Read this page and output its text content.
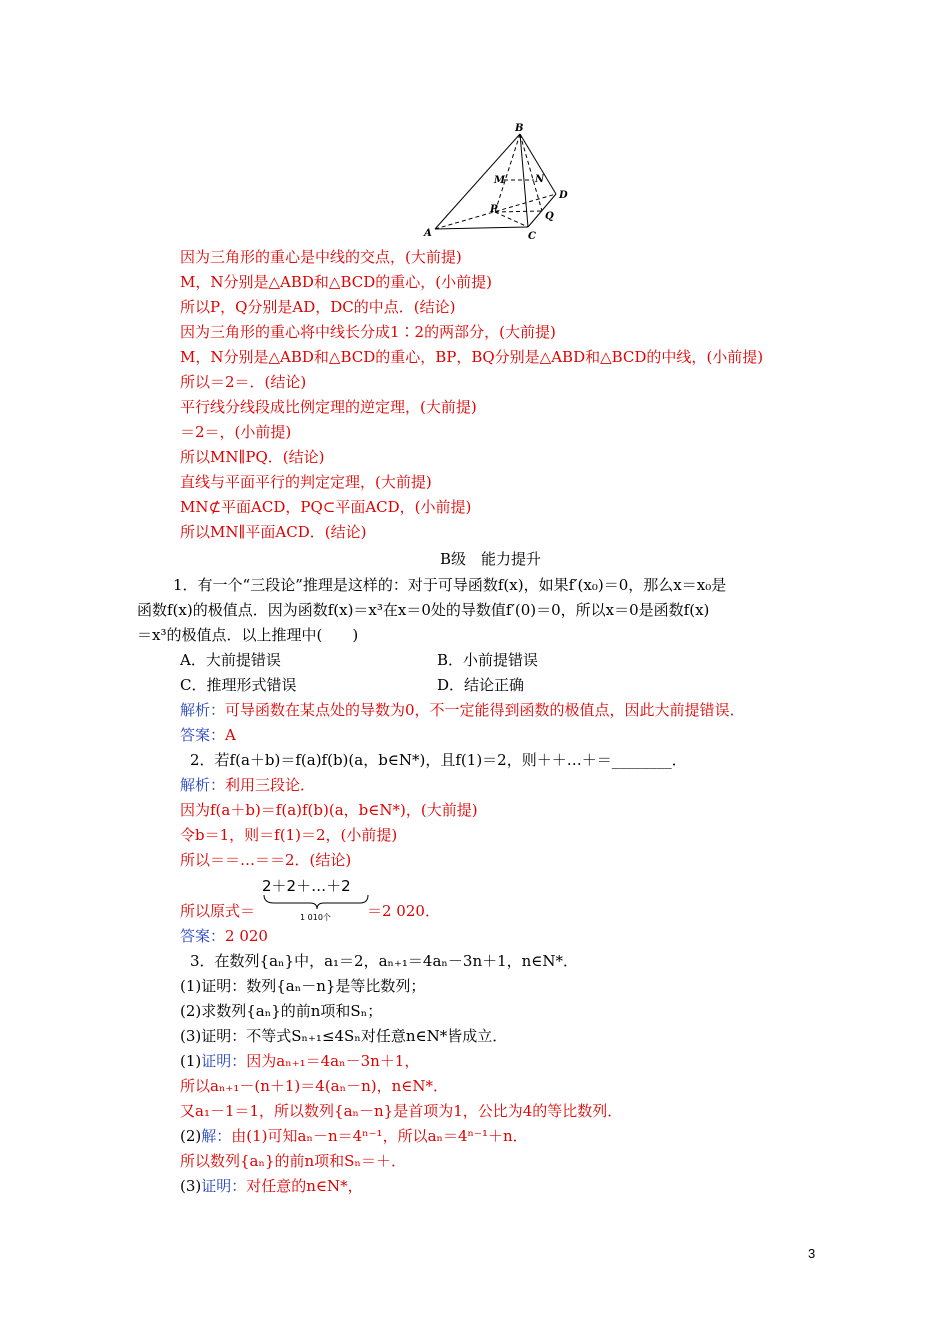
B
M	N
D
P
Q
A	C
因为三角形的重心是中线的交点，(大前提)
M，N分别是△ABD和△BCD的重心，(小前提)
所以P，Q分别是AD，DC的中点．(结论)
因为三角形的重心将中线长分成1∶2的两部分，(大前提)
M，N分别是△ABD和△BCD的重心，BP，BQ分别是△ABD和△BCD的中线，(小前提)
所以＝2＝．(结论)
平行线分线段成比例定理的逆定理，(大前提)
＝2＝，(小前提)
所以MN∥PQ．(结论)
直线与平面平行的判定定理，(大前提)
MN⊄平面ACD，PQ⊂平面ACD，(小前提)
所以MN∥平面ACD．(结论)
B级　能力提升
1．有一个“三段论”推理是这样的：对于可导函数f(x)，如果f′(x₀)＝0，那么x＝x₀是
函数f(x)的极值点．因为函数f(x)＝x³在x＝0处的导数值f′(0)＝0，所以x＝0是函数f(x)
＝x³的极值点．以上推理中(　　)
A．大前提错误	B．小前提错误
C．推理形式错误	D．结论正确
解析：可导函数在某点处的导数为0，不一定能得到函数的极值点，因此大前提错误．
答案：A
2．若f(a＋b)＝f(a)f(b)(a，b∈N*)，且f(1)＝2，则＋＋…＋＝________．
解析：利用三段论．
因为f(a＋b)＝f(a)f(b)(a，b∈N*)，(大前提)
令b＝1，则＝f(1)＝2，(小前提)
所以＝＝…＝＝2．(结论)
所以原式＝
2＋2＋…＋2
1 010个 ＝2 020．
答案：2 020
3．在数列{aₙ}中，a₁＝2，aₙ₊₁＝4aₙ－3n＋1，n∈N*．
(1)证明：数列{aₙ－n}是等比数列；
(2)求数列{aₙ}的前n项和Sₙ；
(3)证明：不等式Sₙ₊₁≤4Sₙ对任意n∈N*皆成立．
(1)证明：因为aₙ₊₁＝4aₙ－3n＋1，
所以aₙ₊₁－(n＋1)＝4(aₙ－n)，n∈N*．
又a₁－1＝1，所以数列{aₙ－n}是首项为1，公比为4的等比数列．
(2)解：由(1)可知aₙ－n＝4ⁿ⁻¹，所以aₙ＝4ⁿ⁻¹＋n．
所以数列{aₙ}的前n项和Sₙ＝＋．
(3)证明：对任意的n∈N*，
3
